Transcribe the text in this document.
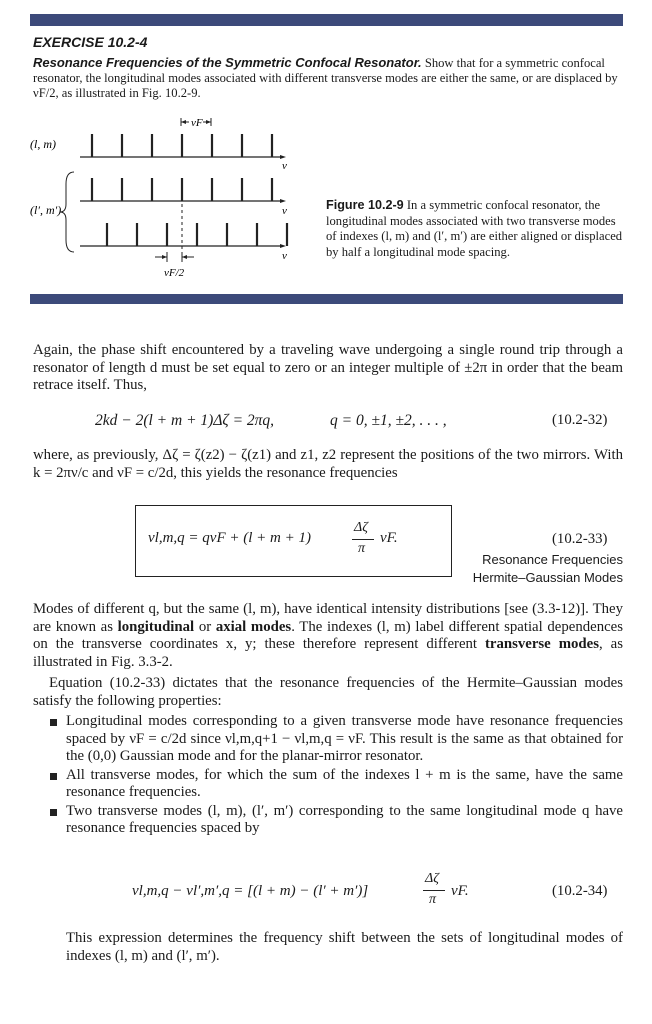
EXERCISE 10.2-4
Resonance Frequencies of the Symmetric Confocal Resonator. Show that for a symmetric confocal resonator, the longitudinal modes associated with different transverse modes are either the same, or are displaced by νF/2, as illustrated in Fig. 10.2-9.
νF
(l, m)
ν
(l′, m′)	ν
ν
νF/2
Figure 10.2-9 In a symmetric confocal resonator, the longitudinal modes associated with two transverse modes of indexes (l, m) and (l′, m′) are either aligned or displaced by half a longitudinal mode spacing.
Again, the phase shift encountered by a traveling wave undergoing a single round trip through a resonator of length d must be set equal to zero or an integer multiple of ±2π in order that the beam retrace itself. Thus,
2kd − 2(l + m + 1)Δζ = 2πq,	q = 0, ±1, ±2, . . . ,	(10.2-32)
where, as previously, Δζ = ζ(z2) − ζ(z1) and z1, z2 represent the positions of the two mirrors. With k = 2πν/c and νF = c/2d, this yields the resonance frequencies
νl,m,q = qνF + (l + m + 1)
Δζ
π
νF.	(10.2-33)
Resonance Frequencies
Hermite–Gaussian Modes
Modes of different q, but the same (l, m), have identical intensity distributions [see (3.3-12)]. They are known as longitudinal or axial modes. The indexes (l, m) label different spatial dependences on the transverse coordinates x, y; these therefore represent different transverse modes, as illustrated in Fig. 3.3-2.
Equation (10.2-33) dictates that the resonance frequencies of the Hermite–Gaussian modes satisfy the following properties:
Longitudinal modes corresponding to a given transverse mode have resonance frequencies spaced by νF = c/2d since νl,m,q+1 − νl,m,q = νF. This result is the same as that obtained for the (0,0) Gaussian mode and for the planar-mirror resonator.
All transverse modes, for which the sum of the indexes l + m is the same, have the same resonance frequencies.
Two transverse modes (l, m), (l′, m′) corresponding to the same longitudinal mode q have resonance frequencies spaced by
νl,m,q − νl′,m′,q = [(l + m) − (l′ + m′)]
Δζ
π
νF.	(10.2-34)
This expression determines the frequency shift between the sets of longitudinal modes of indexes (l, m) and (l′, m′).
